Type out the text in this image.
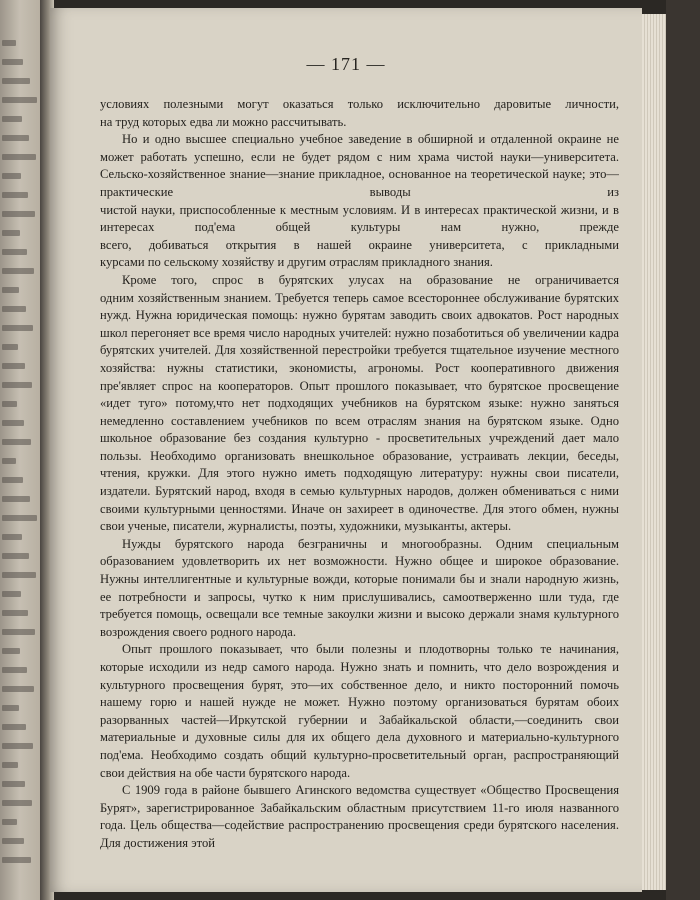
— 171 —
условиях полезными могут оказаться только исключительно даровитые личности,
на труд которых едва ли можно рассчитывать.
Но и одно высшее специально учебное заведение в обширной и отдаленной окраине не может работать успешно, если не будет рядом с ним храма чистой науки—университета. Сельско-хозяйственное знание—знание прикладное, основанное на теоретической науке; это—практические выводы из
чистой науки, приспособленные к местным условиям. И в интересах практической жизни, и в интересах под'ема общей культуры нам нужно, прежде
всего, добиваться открытия в нашей окраине университета, с прикладными
курсами по сельскому хозяйству и другим отраслям прикладного знания.
Кроме того, спрос в бурятских улусах на образование не ограничивается
одним хозяйственным знанием. Требуется теперь самое всестороннее обслуживание бурятских нужд. Нужна юридическая помощь: нужно бурятам заводить своих адвокатов. Рост народных школ перегоняет все время число народных учителей: нужно позаботиться об увеличении кадра бурятских учителей. Для хозяйственной перестройки требуется тщательное изучение местного хозяйства: нужны статистики, экономисты, агрономы. Рост кооперативного движения пре'являет спрос на кооператоров. Опыт прошлого показывает, что бурятское просвещение «идет туго» потому,что нет подходящих учебников на бурятском языке: нужно заняться немедленно составлением учебников по всем отраслям знания на бурятском языке. Одно школьное образование без создания культурно - просветительных учреждений дает мало пользы. Необходимо организовать внешкольное образование, устраивать лекции, беседы, чтения, кружки. Для этого нужно иметь подходящую литературу: нужны свои писатели, издатели. Бурятский народ, входя в семью культурных народов, должен обмениваться с ними своими культурными ценностями. Иначе он захиреет в одиночестве. Для этого обмен, нужны свои ученые, писатели, журналисты, поэты, художники, музыканты, актеры.
Нужды бурятского народа безграничны и многообразны. Одним специальным образованием удовлетворить их нет возможности. Нужно общее и широкое образование. Нужны интеллигентные и культурные вожди, которые понимали бы и знали народную жизнь, ее потребности и запросы, чутко к ним прислушивались, самоотверженно шли туда, где требуется помощь, освещали все темные закоулки жизни и высоко держали знамя культурного возрождения своего родного народа.
Опыт прошлого показывает, что были полезны и плодотворны только те начинания, которые исходили из недр самого народа. Нужно знать и помнить, что дело возрождения и культурного просвещения бурят, это—их собственное дело, и никто посторонний помочь нашему горю и нашей нужде не может. Нужно поэтому организоваться бурятам обоих разорванных частей—Иркутской губернии и Забайкальской области,—соединить свои материальные и духовные силы для их общего дела духовного и материально-культурного под'ема. Необходимо создать общий культурно-просветительный орган, распространяющий свои действия на обе части бурятского народа.
С 1909 года в районе бывшего Агинского ведомства существует «Общество Просвещения Бурят», зарегистрированное Забайкальским областным присутствием 11-го июля названного года. Цель общества—содействие распространению просвещения среди бурятского населения. Для достижения этой
